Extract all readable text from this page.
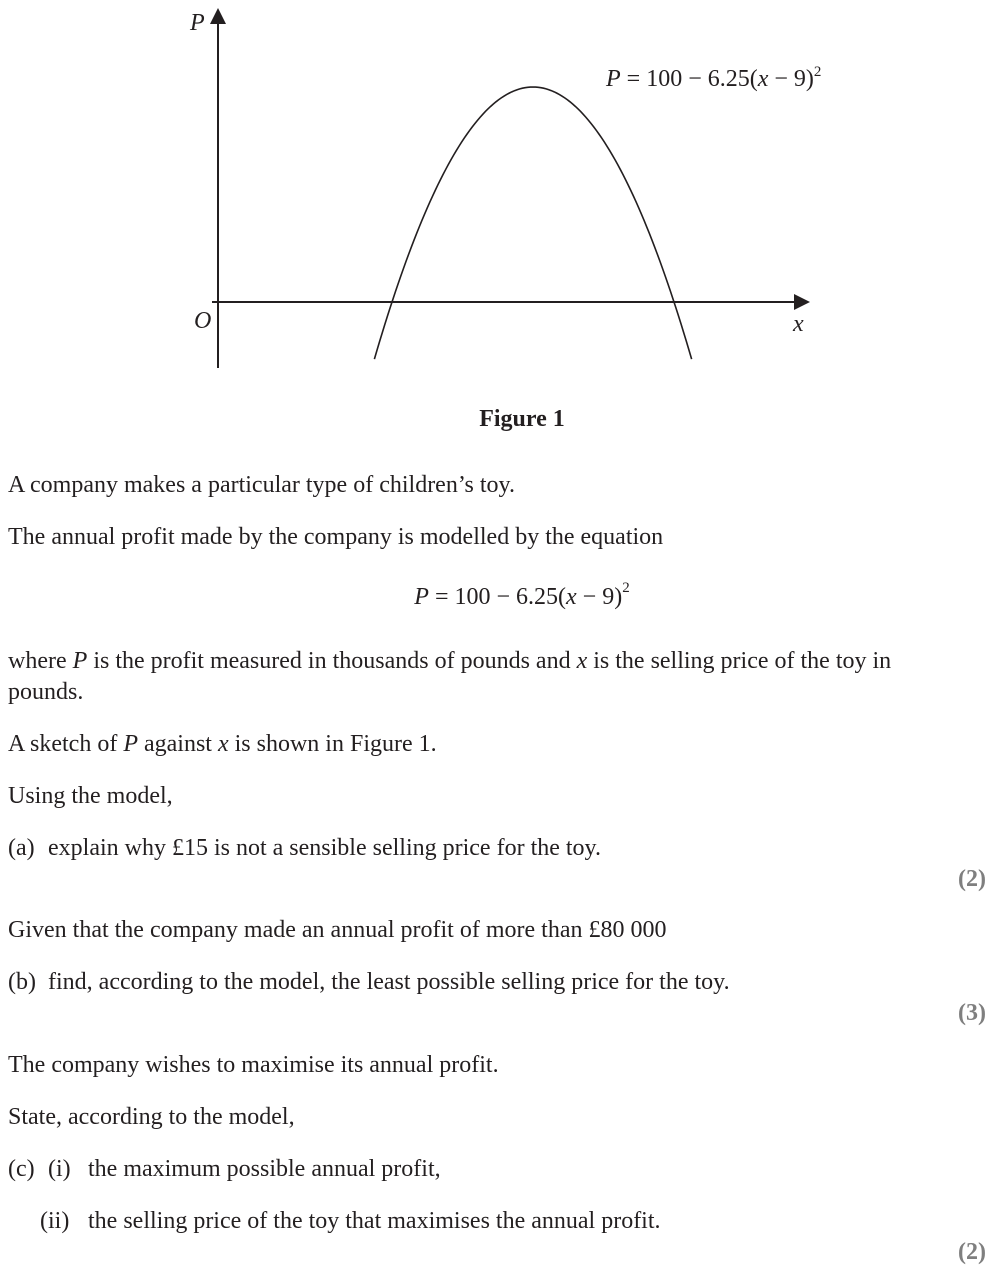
P
x
O
$P = 100 - 6.25(x - 9)^2$
Figure 1
A company makes a particular type of children’s toy.
The annual profit made by the company is modelled by the equation
$P = 100 - 6.25(x - 9)^2$
where P is the profit measured in thousands of pounds and x is the selling price of the toy in pounds.
A sketch of P against x is shown in Figure 1.
Using the model,
(a) explain why £15 is not a sensible selling price for the toy.
(2)
Given that the company made an annual profit of more than £80 000
(b) find, according to the model, the least possible selling price for the toy.
(3)
The company wishes to maximise its annual profit.
State, according to the model,
(c) (i) the maximum possible annual profit,
(ii) the selling price of the toy that maximises the annual profit.
(2)
